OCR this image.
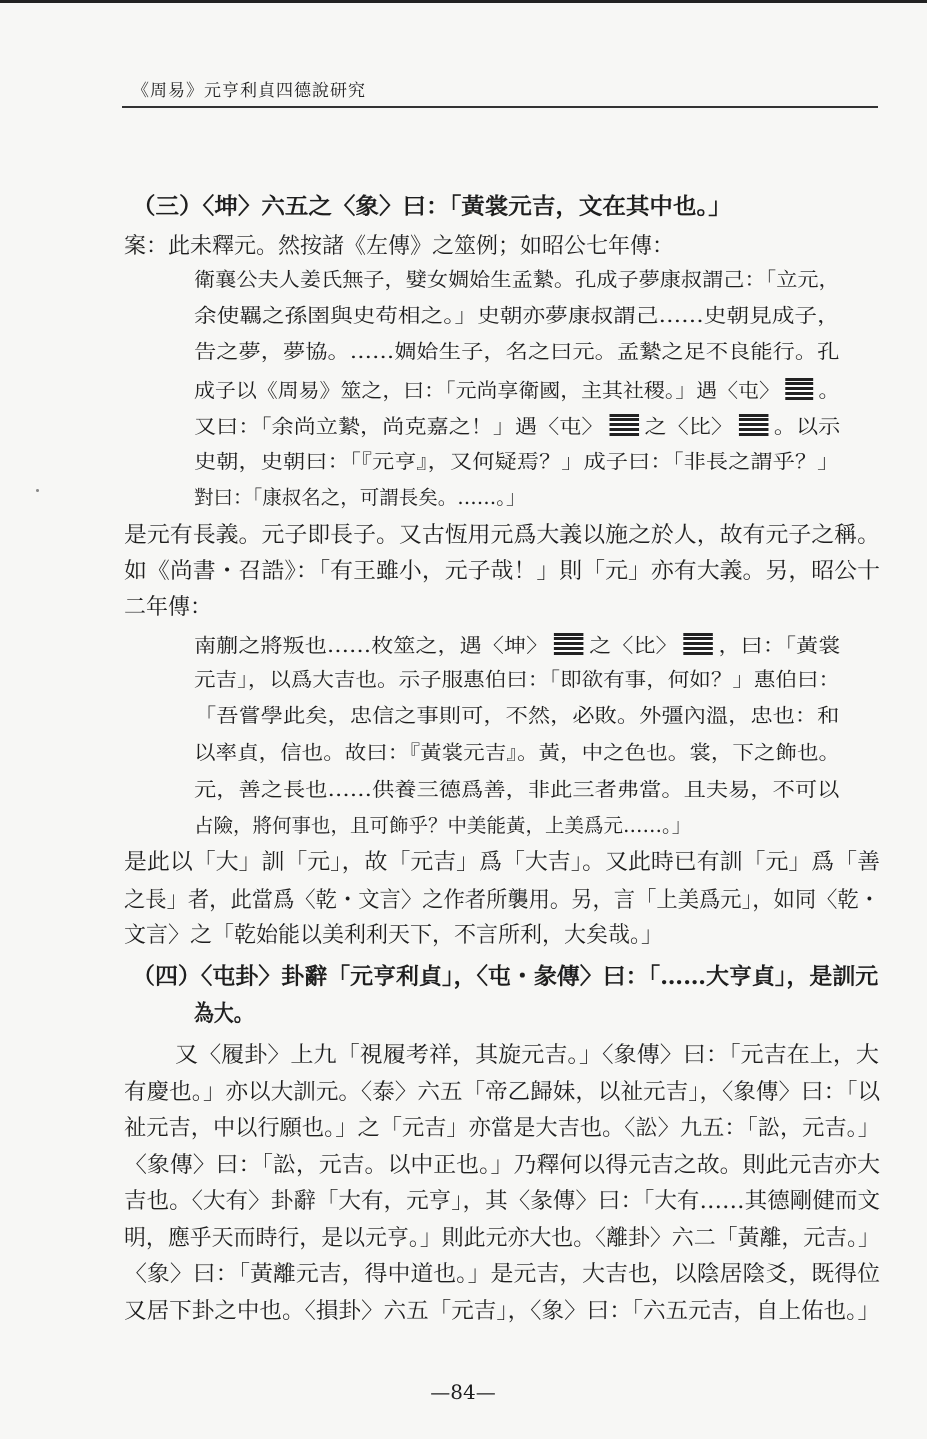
《周易》元亨利貞四德說研究
（三）〈坤〉六五之〈象〉曰：「黃裳元吉，文在其中也。」
案：此未釋元。然按諸《左傳》之筮例；如昭公七年傳：
衛襄公夫人姜氏無子，嬖女婤姶生孟縶。孔成子夢康叔謂己：「立元，
余使羈之孫圉與史苟相之。」史朝亦夢康叔謂己……史朝見成子，
告之夢，夢協。……婤姶生子，名之曰元。孟縶之足不良能行。孔
成子以《周易》筮之，曰：「元尚享衛國，主其社稷。」遇〈屯〉 。
又曰：「余尚立縶，尚克嘉之！」遇〈屯〉 之〈比〉 。以示
史朝，史朝曰：「『元亨』，又何疑焉？」成子曰：「非長之謂乎？」
對曰：「康叔名之，可謂長矣。……。」
是元有長義。元子即長子。又古恆用元爲大義以施之於人，故有元子之稱。
如《尚書・召誥》：「有王雖小，元子哉！」則「元」亦有大義。另，昭公十
二年傳：
南蒯之將叛也……枚筮之，遇〈坤〉 之〈比〉 ，曰：「黃裳
元吉」，以爲大吉也。示子服惠伯曰：「即欲有事，何如？」惠伯曰：
「吾嘗學此矣，忠信之事則可，不然，必敗。外彊內溫，忠也：和
以率貞，信也。故曰：『黃裳元吉』。黃，中之色也。裳，下之飾也。
元，善之長也……供養三德爲善，非此三者弗當。且夫易，不可以
占險，將何事也，且可飾乎？中美能黃，上美爲元……。」
是此以「大」訓「元」，故「元吉」爲「大吉」。又此時已有訓「元」爲「善
之長」者，此當爲〈乾・文言〉之作者所襲用。另，言「上美爲元」，如同〈乾・
文言〉之「乾始能以美利利天下，不言所利，大矣哉。」
（四）〈屯卦〉卦辭「元亨利貞」，〈屯・彖傳〉曰：「……大亨貞」，是訓元
為大。
又〈履卦〉上九「視履考祥，其旋元吉。」〈象傳〉曰：「元吉在上，大
有慶也。」亦以大訓元。〈泰〉六五「帝乙歸妹，以祉元吉」，〈象傳〉曰：「以
祉元吉，中以行願也。」之「元吉」亦當是大吉也。〈訟〉九五：「訟，元吉。」
〈象傳〉曰：「訟，元吉。以中正也。」乃釋何以得元吉之故。則此元吉亦大
吉也。〈大有〉卦辭「大有，元亨」，其〈彖傳〉曰：「大有……其德剛健而文
明，應乎天而時行，是以元亨。」則此元亦大也。〈離卦〉六二「黃離，元吉。」
〈象〉曰：「黃離元吉，得中道也。」是元吉，大吉也，以陰居陰爻，既得位
又居下卦之中也。〈損卦〉六五「元吉」，〈象〉曰：「六五元吉，自上佑也。」
—84—
